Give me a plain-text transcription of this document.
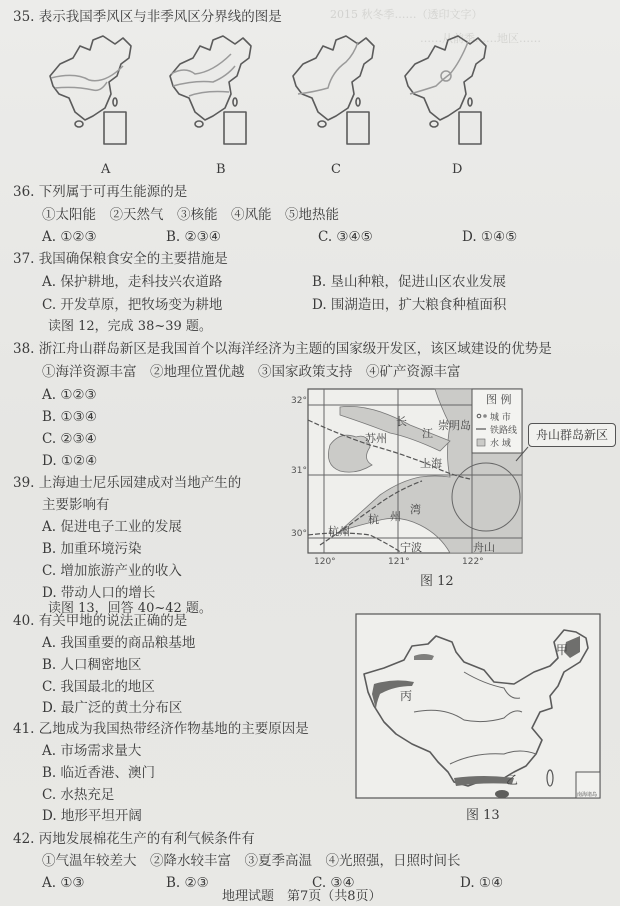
2015 秋冬季……（透印文字）
……从前季……地区……
35. 表示我国季风区与非季风区分界线的图是
A	B	C	D
36. 下列属于可再生能源的是
①太阳能　②天然气　③核能　④风能　⑤地热能
A. ①②③	B. ②③④	C. ③④⑤	D. ①④⑤
37. 我国确保粮食安全的主要措施是
A. 保护耕地，走科技兴农道路	B. 垦山种粮，促进山区农业发展
C. 开发草原，把牧场变为耕地	D. 围湖造田，扩大粮食种植面积
读图 12，完成 38~39 题。
38. 浙江舟山群岛新区是我国首个以海洋经济为主题的国家级开发区，该区域建设的优势是
①海洋资源丰富　②地理位置优越　③国家政策支持　④矿产资源丰富
A. ①②③
B. ①③④
C. ②③④
D. ①②④
39. 上海迪士尼乐园建成对当地产生的
主要影响有
A. 促进电子工业的发展
B. 加重环境污染
C. 增加旅游产业的收入
D. 带动人口的增长
读图 13，回答 40~42 题。
图 例
城 市
铁路线
水 域
苏州
长
江
崇明岛
上海
杭 州
湾
杭州
宁波	舟山
32°
31°
30°
120°	121°	122°
舟山群岛新区
图 12
40. 有关甲地的说法正确的是
A. 我国重要的商品粮基地
B. 人口稠密地区
C. 我国最北的地区
D. 最广泛的黄土分布区
41. 乙地成为我国热带经济作物基地的主要原因是
A. 市场需求量大
B. 临近香港、澳门
C. 水热充足
D. 地形平坦开阔
南海诸岛
甲
乙
丙
图 13
42. 丙地发展棉花生产的有利气候条件有
①气温年较差大　②降水较丰富　③夏季高温　④光照强，日照时间长
A. ①③	B. ②③	C. ③④	D. ①④
地理试题　第7页（共8页）
